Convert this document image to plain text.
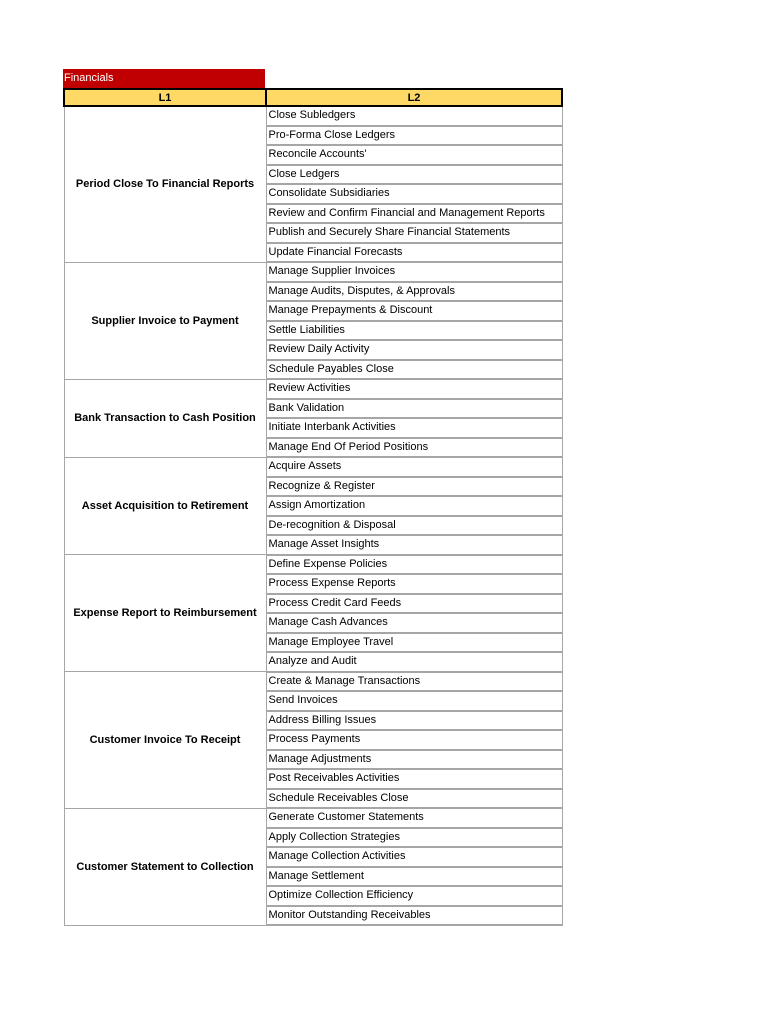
Financials
L1	L2
Period Close To Financial Reports	Close Subledgers
	Pro-Forma Close Ledgers
	Reconcile Accounts'
	Close Ledgers
	Consolidate Subsidiaries
	Review and Confirm Financial and Management Reports
	Publish and Securely Share Financial Statements
	Update Financial Forecasts
Supplier Invoice to Payment	Manage Supplier Invoices
	Manage Audits, Disputes, & Approvals
	Manage Prepayments & Discount
	Settle Liabilities
	Review Daily Activity
	Schedule Payables Close
Bank Transaction to Cash Position	Review Activities
	Bank Validation
	Initiate Interbank Activities
	Manage End Of Period Positions
Asset Acquisition to Retirement	Acquire Assets
	Recognize & Register
	Assign Amortization
	De-recognition & Disposal
	Manage Asset Insights
Expense Report to Reimbursement	Define Expense Policies
	Process Expense Reports
	Process Credit Card Feeds
	Manage Cash Advances
	Manage Employee Travel
	Analyze and Audit
Customer Invoice To Receipt	Create & Manage Transactions
	Send Invoices
	Address Billing Issues
	Process Payments
	Manage Adjustments
	Post Receivables Activities
	Schedule Receivables Close
Customer Statement to Collection	Generate Customer Statements
	Apply Collection Strategies
	Manage Collection Activities
	Manage Settlement
	Optimize Collection Efficiency
	Monitor Outstanding Receivables
